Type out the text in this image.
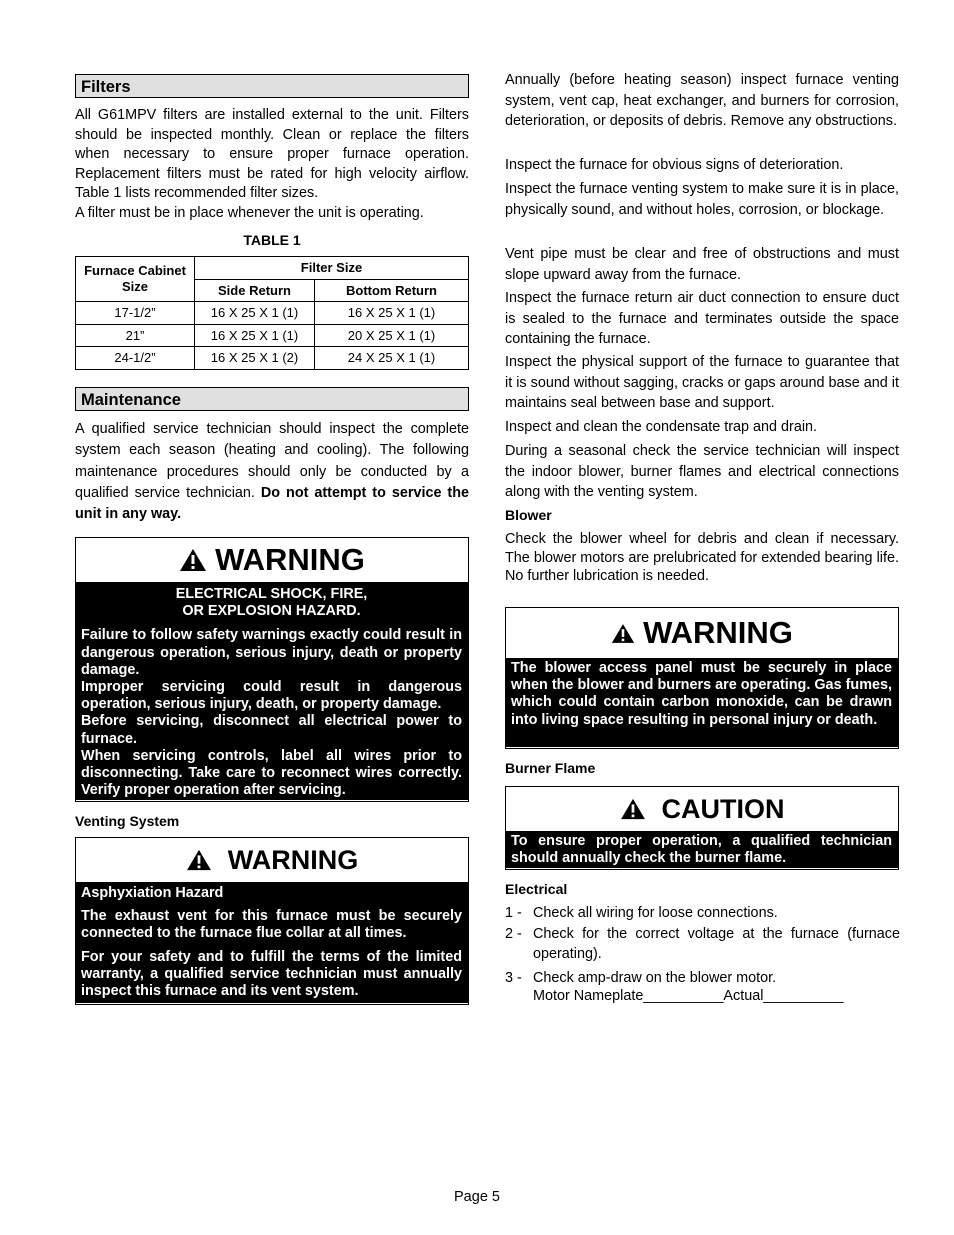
Filters
All G61MPV filters are installed external to the unit. Filters should be inspected monthly. Clean or replace the filters when necessary to ensure proper furnace operation. Replacement filters must be rated for high velocity airflow. Table 1 lists recommended filter sizes.
A filter must be in place whenever the unit is operating.
TABLE 1
Furnace Cabinet Size	Filter Size	
	Side Return	Bottom Return
17-1/2”	16 X 25 X 1 (1)	16 X 25 X 1 (1)
21”	16 X 25 X 1 (1)	20 X 25 X 1 (1)
24-1/2”	16 X 25 X 1 (2)	24 X 25 X 1 (1)
Maintenance
A qualified service technician should inspect the complete system each season (heating and cooling). The following maintenance procedures should only be conducted by a qualified service technician. Do not attempt to service the unit in any way.
WARNING
ELECTRICAL SHOCK, FIRE,
OR EXPLOSION HAZARD.
Failure to follow safety warnings exactly could result in dangerous operation, serious injury, death or property damage.
Improper servicing could result in dangerous operation, serious injury, death, or property damage.
Before servicing, disconnect all electrical power to furnace.
When servicing controls, label all wires prior to disconnecting. Take care to reconnect wires correctly. Verify proper operation after servicing.
Venting System
WARNING
Asphyxiation Hazard
The exhaust vent for this furnace must be securely connected to the furnace flue collar at all times.
For your safety and to fulfill the terms of the limited warranty, a qualified service technician must annually inspect this furnace and its vent system.
Annually (before heating season) inspect furnace venting system, vent cap, heat exchanger, and burners for corrosion, deterioration, or deposits of debris. Remove any obstructions.
Inspect the furnace for obvious signs of deterioration.
Inspect the furnace venting system to make sure it is in place, physically sound, and without holes, corrosion, or blockage.
Vent pipe must be clear and free of obstructions and must slope upward away from the furnace.
Inspect the furnace return air duct connection to ensure duct is sealed to the furnace and terminates outside the space containing the furnace.
Inspect the physical support of the furnace to guarantee that it is sound without sagging, cracks or gaps around base and it maintains seal between base and support.
Inspect and clean the condensate trap and drain.
During a seasonal check the service technician will inspect the indoor blower, burner flames and electrical connections along with the venting system.
Blower
Check the blower wheel for debris and clean if necessary. The blower motors are prelubricated for extended bearing life. No further lubrication is needed.
WARNING
The blower access panel must be securely in place when the blower and burners are operating. Gas fumes, which could contain carbon monoxide, can be drawn into living space resulting in personal injury or death.
Burner Flame
CAUTION
To ensure proper operation, a qualified technician should annually check the burner flame.
Electrical
1 - Check all wiring for loose connections.
2 - Check for the correct voltage at the furnace (furnace operating).
3 - Check amp-draw on the blower motor.
Motor Nameplate__________Actual__________
Page 5
